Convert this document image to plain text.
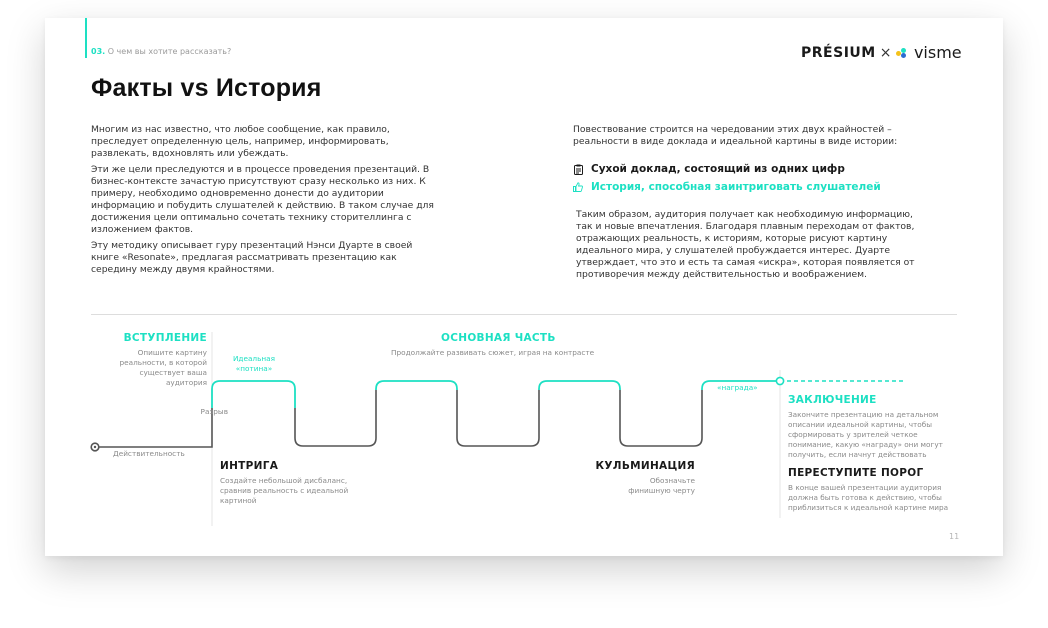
03. О чем вы хотите рассказать?	PRÉSIUM × visme
Факты vs История

Многим из нас известно, что любое сообщение, как правило, преследует определенную цель, например, информировать, развлекать, вдохновлять или убеждать.

Эти же цели преследуются и в процессе проведения презентаций. В бизнес-контексте зачастую присутствуют сразу несколько из них. К примеру, необходимо одновременно донести до аудитории информацию и побудить слушателей к действию. В таком случае для достижения цели оптимально сочетать технику сторителлинга с изложением фактов.

Эту методику описывает гуру презентаций Нэнси Дуарте в своей книге «Resonate», предлагая рассматривать презентацию как середину между двумя крайностями.

Повествование строится на чередовании этих двух крайностей – реальности в виде доклада и идеальной картины в виде истории:
Сухой доклад, состоящий из одних цифр
История, способная заинтриговать слушателей
Таким образом, аудитория получает как необходимую информацию, так и новые впечатления. Благодаря плавным переходам от фактов, отражающих реальность, к историям, которые рисуют картину идеального мира, у слушателей пробуждается интерес. Дуарте утверждает, что это и есть та самая «искра», которая появляется от противоречия между действительностью и воображением.
ВСТУПЛЕНИЕ
Опишите картину реальности, в которой существует ваша аудитория
Идеальная «потина»
Разрыв
Действительность
ОСНОВНАЯ ЧАСТЬ
Продолжайте развивать сюжет, играя на контрасте
ИНТРИГА
Создайте небольшой дисбаланс, сравнив реальность с идеальной картиной
КУЛЬМИНАЦИЯ
Обозначьте финишную черту
«награда»
ЗАКЛЮЧЕНИЕ
Закончите презентацию на детальном описании идеальной картины, чтобы сформировать у зрителей четкое понимание, какую «награду» они могут получить, если начнут действовать
ПЕРЕСТУПИТЕ ПОРОГ
В конце вашей презентации аудитория должна быть готова к действию, чтобы приблизиться к идеальной картине мира
11
